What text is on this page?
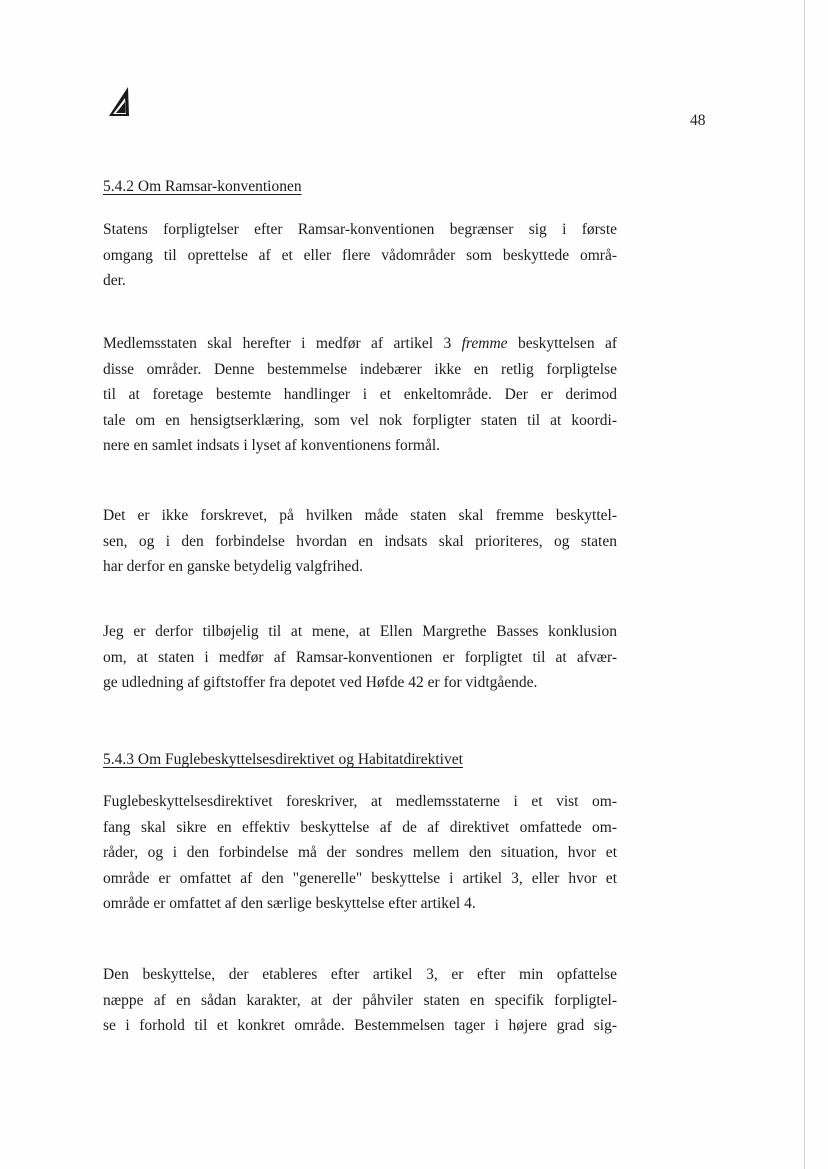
48
5.4.2 Om Ramsar-konventionen

Statens forpligtelser efter Ramsar-konventionen begrænser sig i første
omgang til oprettelse af et eller flere vådområder som beskyttede områ-
der.

Medlemsstaten skal herefter i medfør af artikel 3 fremme beskyttelsen af
disse områder. Denne bestemmelse indebærer ikke en retlig forpligtelse
til at foretage bestemte handlinger i et enkeltområde. Der er derimod
tale om en hensigtserklæring, som vel nok forpligter staten til at koordi-
nere en samlet indsats i lyset af konventionens formål.

Det er ikke forskrevet, på hvilken måde staten skal fremme beskyttel-
sen, og i den forbindelse hvordan en indsats skal prioriteres, og staten
har derfor en ganske betydelig valgfrihed.

Jeg er derfor tilbøjelig til at mene, at Ellen Margrethe Basses konklusion
om, at staten i medfør af Ramsar-konventionen er forpligtet til at afvær-
ge udledning af giftstoffer fra depotet ved Høfde 42 er for vidtgående.

5.4.3 Om Fuglebeskyttelsesdirektivet og Habitatdirektivet

Fuglebeskyttelsesdirektivet foreskriver, at medlemsstaterne i et vist om-
fang skal sikre en effektiv beskyttelse af de af direktivet omfattede om-
råder, og i den forbindelse må der sondres mellem den situation, hvor et
område er omfattet af den "generelle" beskyttelse i artikel 3, eller hvor et
område er omfattet af den særlige beskyttelse efter artikel 4.

Den beskyttelse, der etableres efter artikel 3, er efter min opfattelse
næppe af en sådan karakter, at der påhviler staten en specifik forpligtel-
se i forhold til et konkret område. Bestemmelsen tager i højere grad sig-
